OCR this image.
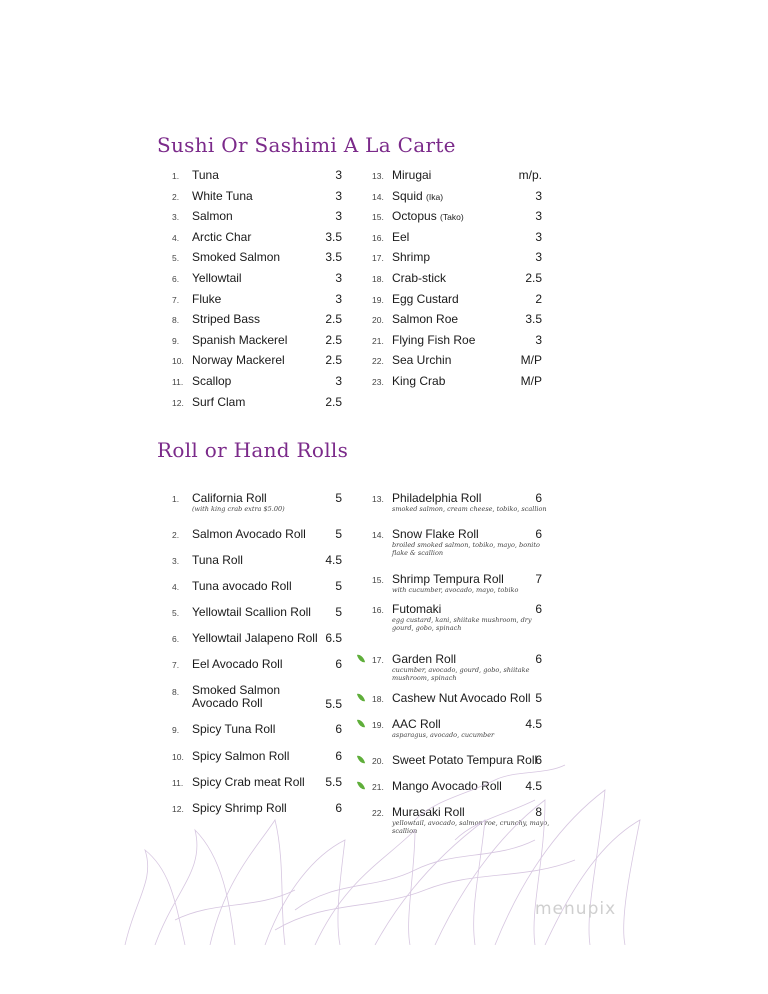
Sushi Or Sashimi A La Carte
Roll or Hand Rolls
1. Tuna	3
2. White Tuna	3
3. Salmon	3
4. Arctic Char	3.5
5. Smoked Salmon	3.5
6. Yellowtail	3
7. Fluke	3
8. Striped Bass	2.5
9. Spanish Mackerel	2.5
10. Norway Mackerel	2.5
11. Scallop	3
12. Surf Clam	2.5
13. Mirugai	m/p.
14. Squid (Ika)	3
15. Octopus (Tako)	3
16. Eel	3
17. Shrimp	3
18. Crab-stick	2.5
19. Egg Custard	2
20. Salmon Roe	3.5
21. Flying Fish Roe	3
22. Sea Urchin	M/P
23. King Crab	M/P
1. California Roll	5
(with king crab extra $5.00)
2. Salmon Avocado Roll 5
3. Tuna Roll	4.5
4. Tuna avocado Roll	5
5. Yellowtail Scallion Roll 5
6. Yellowtail Jalapeno Roll 6.5
7. Eel Avocado Roll	6
8. Smoked Salmon
Avocado Roll	5.5
9. Spicy Tuna Roll	6
10. Spicy Salmon Roll	6
11. Spicy Crab meat Roll 5.5
12. Spicy Shrimp Roll	6
13. Philadelphia Roll	6
smoked salmon, cream cheese, tobiko, scallion
14. Snow Flake Roll	6
broiled smoked salmon, tobiko, mayo, bonito flake & scallion
15. Shrimp Tempura Roll	7
with cucumber, avocado, mayo, tobiko
16. Futomaki	6
egg custard, kani, shiitake mushroom, dry gourd, gobo, spinach
17. Garden Roll	6
cucumber, avocado, gourd, gobo, shiitake mushroom, spinach
18. Cashew Nut Avocado Roll 5
19. AAC Roll	4.5
asparagus, avocado, cucumber
20. Sweet Potato Tempura Roll
6
21. Mango Avocado Roll 4.5
22. Murasaki Roll	8
yellowtail, avocado, salmon roe, crunchy, mayo, scallion
menupix
